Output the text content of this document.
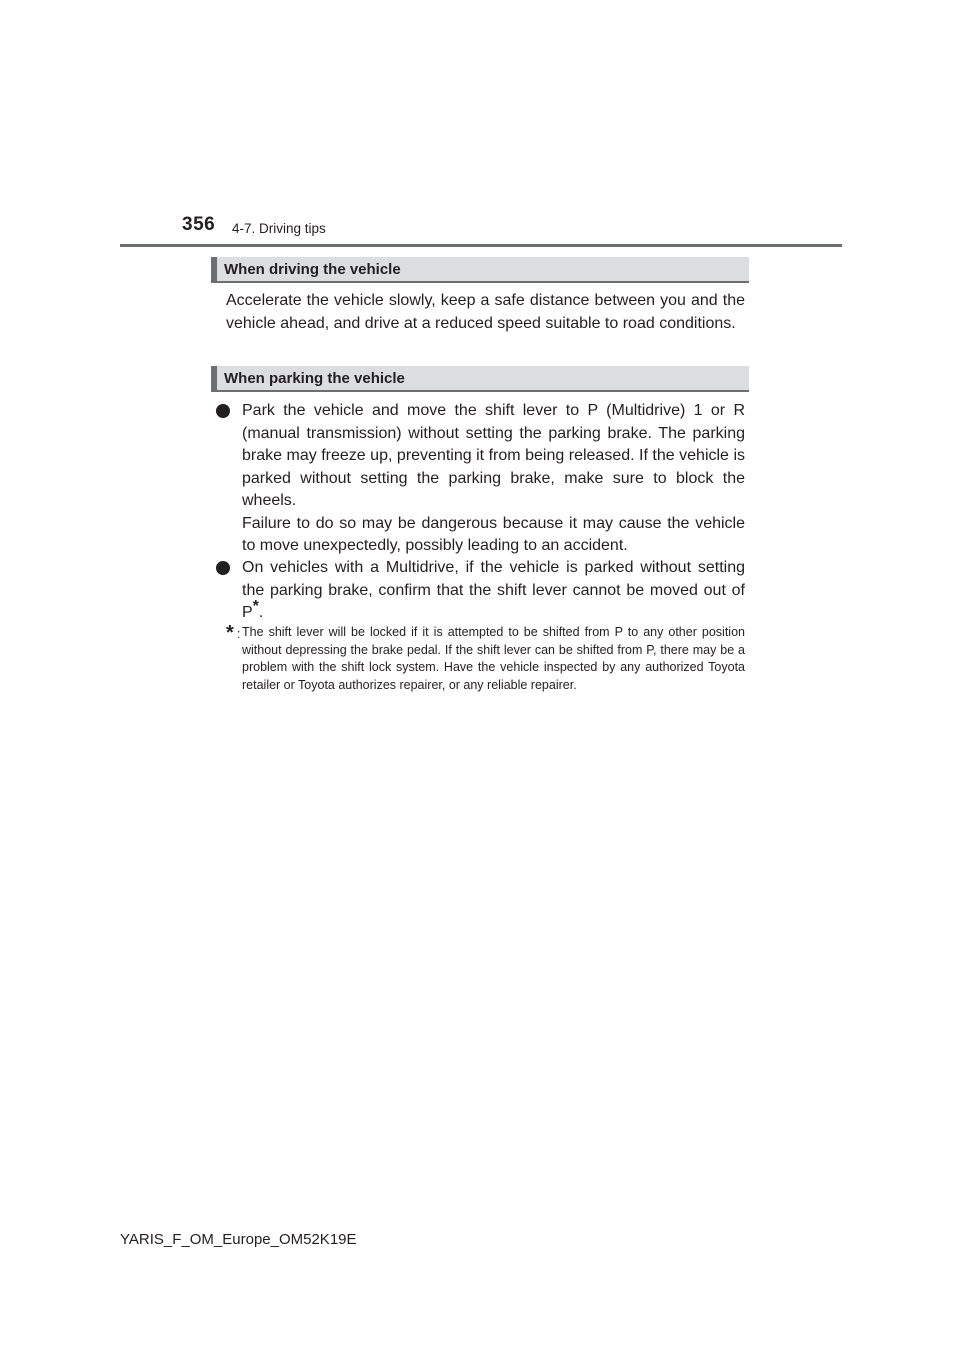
356 4-7. Driving tips
When driving the vehicle
Accelerate the vehicle slowly, keep a safe distance between you and the vehicle ahead, and drive at a reduced speed suitable to road conditions.
When parking the vehicle
Park the vehicle and move the shift lever to P (Multidrive) 1 or R (manual transmission) without setting the parking brake. The parking brake may freeze up, preventing it from being released. If the vehicle is parked without setting the parking brake, make sure to block the wheels.
Failure to do so may be dangerous because it may cause the vehicle to move unexpectedly, possibly leading to an accident.
On vehicles with a Multidrive, if the vehicle is parked without setting the parking brake, confirm that the shift lever cannot be moved out of P*.
* : The shift lever will be locked if it is attempted to be shifted from P to any other position without depressing the brake pedal. If the shift lever can be shifted from P, there may be a problem with the shift lock system. Have the vehicle inspected by any authorized Toyota retailer or Toyota authorizes repairer, or any reliable repairer.
YARIS_F_OM_Europe_OM52K19E
